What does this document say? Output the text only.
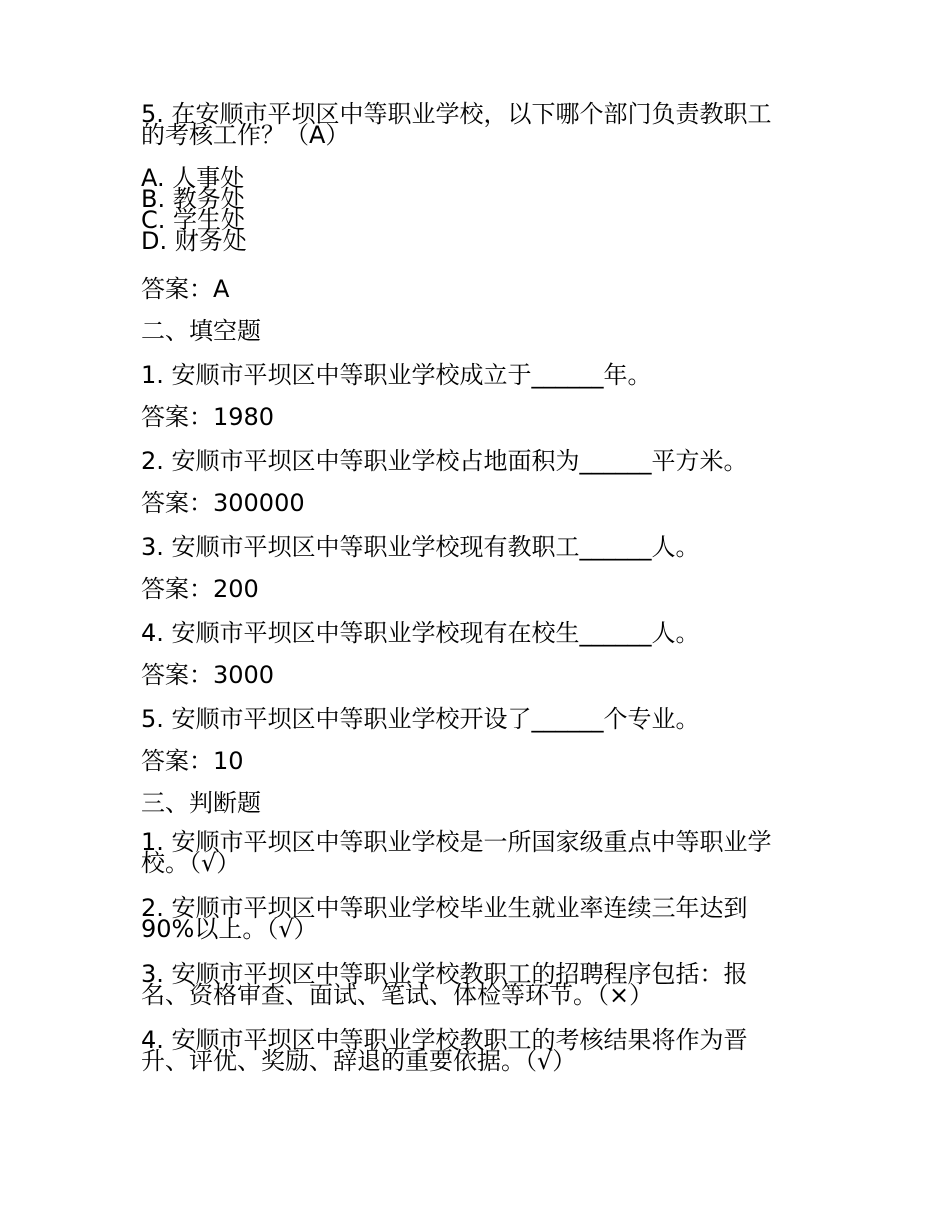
5. 在安顺市平坝区中等职业学校，以下哪个部门负责教职工
的考核工作？（A）
A. 人事处
B. 教务处
C. 学生处
D. 财务处
答案：A
二、填空题
1. 安顺市平坝区中等职业学校成立于______年。
答案：1980
2. 安顺市平坝区中等职业学校占地面积为______平方米。
答案：300000
3. 安顺市平坝区中等职业学校现有教职工______人。
答案：200
4. 安顺市平坝区中等职业学校现有在校生______人。
答案：3000
5. 安顺市平坝区中等职业学校开设了______个专业。
答案：10
三、判断题
1. 安顺市平坝区中等职业学校是一所国家级重点中等职业学
校。（√）
2. 安顺市平坝区中等职业学校毕业生就业率连续三年达到
90%以上。（√）
3. 安顺市平坝区中等职业学校教职工的招聘程序包括：报
名、资格审查、面试、笔试、体检等环节。（×）
4. 安顺市平坝区中等职业学校教职工的考核结果将作为晋
升、评优、奖励、辞退的重要依据。（√）
